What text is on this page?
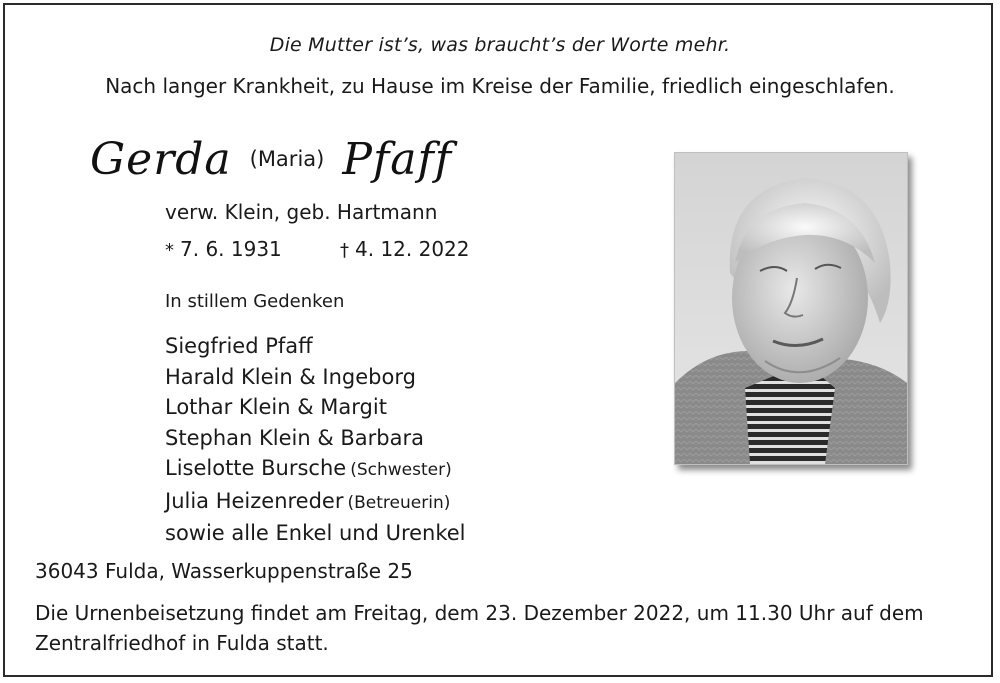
Die Mutter ist’s, was braucht’s der Worte mehr.
Nach langer Krankheit, zu Hause im Kreise der Familie, friedlich eingeschlafen.
Gerda (Maria) Pfaff
verw. Klein, geb. Hartmann
* 7. 6. 1931	† 4. 12. 2022
In stillem Gedenken
Siegfried Pfaff
Harald Klein & Ingeborg
Lothar Klein & Margit
Stephan Klein & Barbara
Liselotte Bursche (Schwester)
Julia Heizenreder (Betreuerin)
sowie alle Enkel und Urenkel
36043 Fulda, Wasserkuppenstraße 25
Die Urnenbeisetzung findet am Freitag, dem 23. Dezember 2022, um 11.30 Uhr auf dem Zentralfriedhof in Fulda statt.
